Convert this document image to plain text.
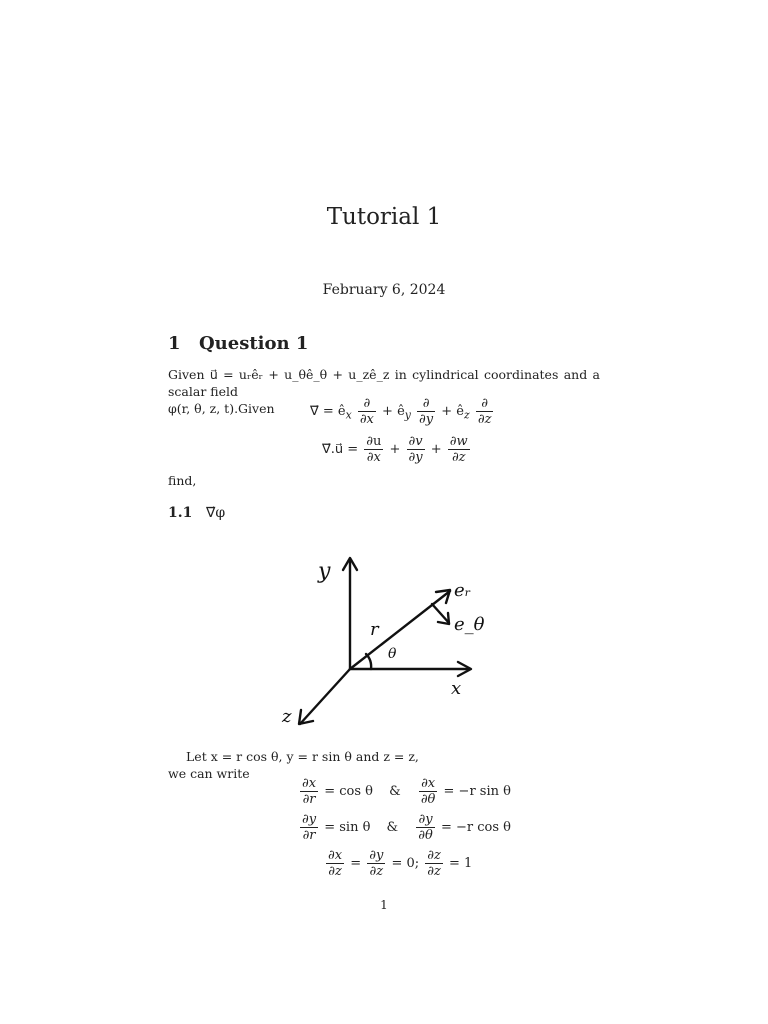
Tutorial 1
February 6, 2024
1 Question 1
Given u⃗ = uᵣêᵣ + u_θê_θ + u_zê_z in cylindrical coordinates and a scalar field
φ(r, θ, z, t).Given	∇⃗ = $ê_x \frac{\partial}{\partial x}$ + $ê_y \frac{\partial}{\partial y}$ + $ê_z \frac{\partial}{\partial z}$
∇⃗.u⃗ = $\frac{\partial u}{\partial x} + \frac{\partial v}{\partial y} + \frac{\partial w}{\partial z}$
find,
1.1 ∇⃗φ
y
x
z
r
θ
eᵣ
e_θ
Let x = r cos θ, y = r sin θ and z = z,
we can write
$\frac{\partial x}{\partial r} = \cos \theta$ & $\frac{\partial x}{\partial\theta} = -r$ sin θ
$\frac{\partial y}{\partial r} = \sin \theta$ & $\frac{\partial y}{\partial\theta} = -r$ cos θ
$\frac{\partial x}{\partial z} = \frac{\partial y}{\partial z} = 0$; $\frac{\partial z}{\partial z} = 1$
1
